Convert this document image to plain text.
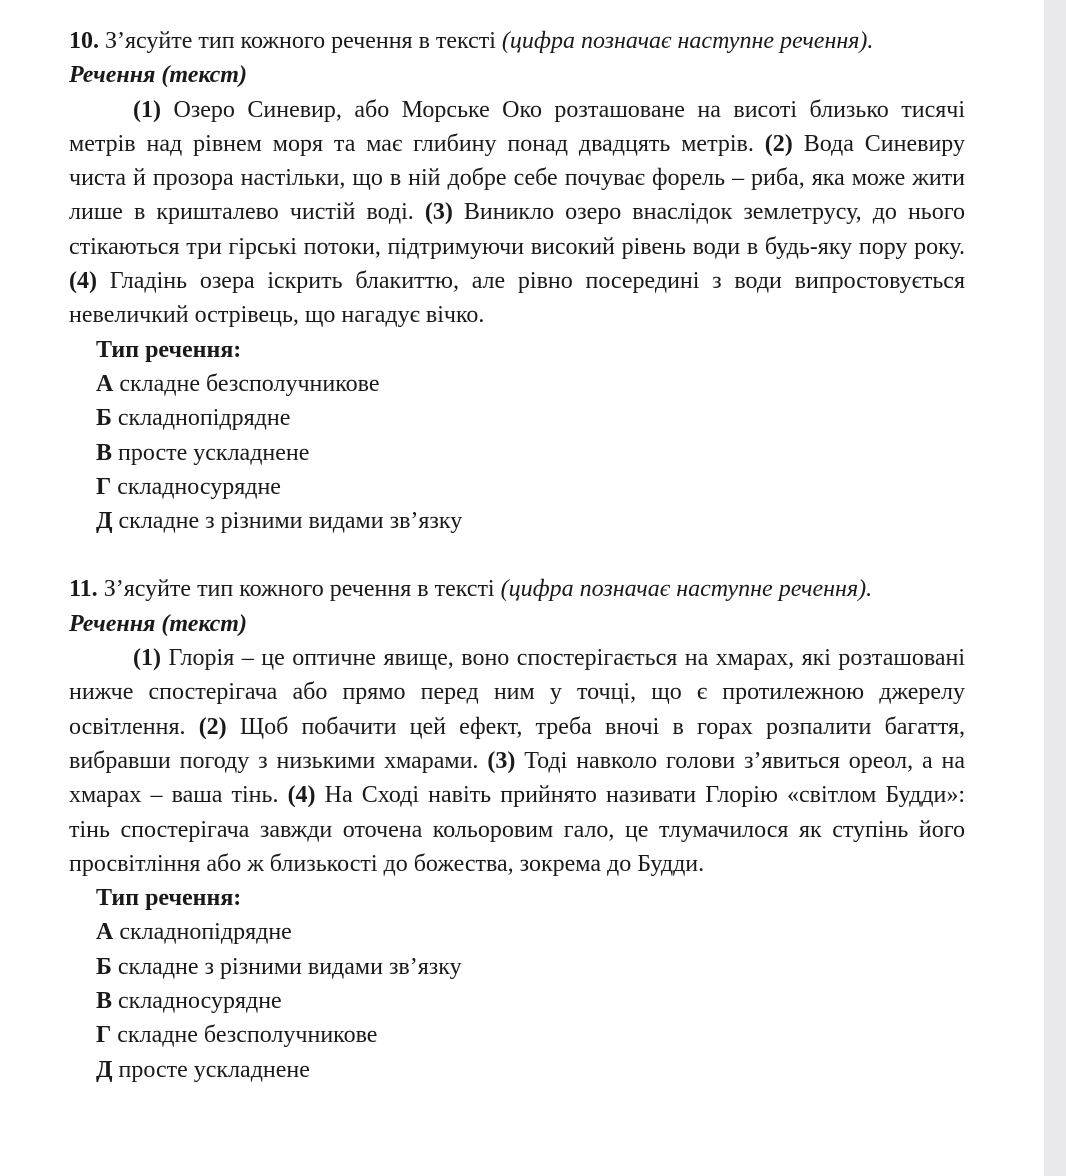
10. З’ясуйте тип кожного речення в тексті (цифра позначає наступне речення).

Речення (текст)

(1) Озеро Синевир, або Морське Око розташоване на висоті близько тисячі метрів над рівнем моря та має глибину понад двадцять метрів. (2) Вода Синевиру чиста й прозора настільки, що в ній добре себе почуває форель – риба, яка може жити лише в кришталево чистій воді. (3) Виникло озеро внаслідок землетрусу, до нього стікаються три гірські потоки, підтримуючи високий рівень води в будь-яку пору року. (4) Гладінь озера іскрить блакиттю, але рівно посередині з води випростовується невеличкий острівець, що нагадує вічко.

Тип речення:

А складне безсполучникове

Б складнопідрядне

В просте ускладнене

Г складносурядне

Д складне з різними видами зв’язку

11. З’ясуйте тип кожного речення в тексті (цифра позначає наступне речення).

Речення (текст)

(1) Глорія – це оптичне явище, воно спостерігається на хмарах, які розташовані нижче спостерігача або прямо перед ним у точці, що є протилежною джерелу освітлення. (2) Щоб побачити цей ефект, треба вночі в горах розпалити багаття, вибравши погоду з низькими хмарами. (3) Тоді навколо голови з’явиться ореол, а на хмарах – ваша тінь. (4) На Сході навіть прийнято називати Глорію «світлом Будди»: тінь спостерігача завжди оточена кольоровим гало, це тлумачилося як ступінь його просвітління або ж близькості до божества, зокрема до Будди.

Тип речення:

А складнопідрядне

Б складне з різними видами зв’язку

В складносурядне

Г складне безсполучникове

Д просте ускладнене
